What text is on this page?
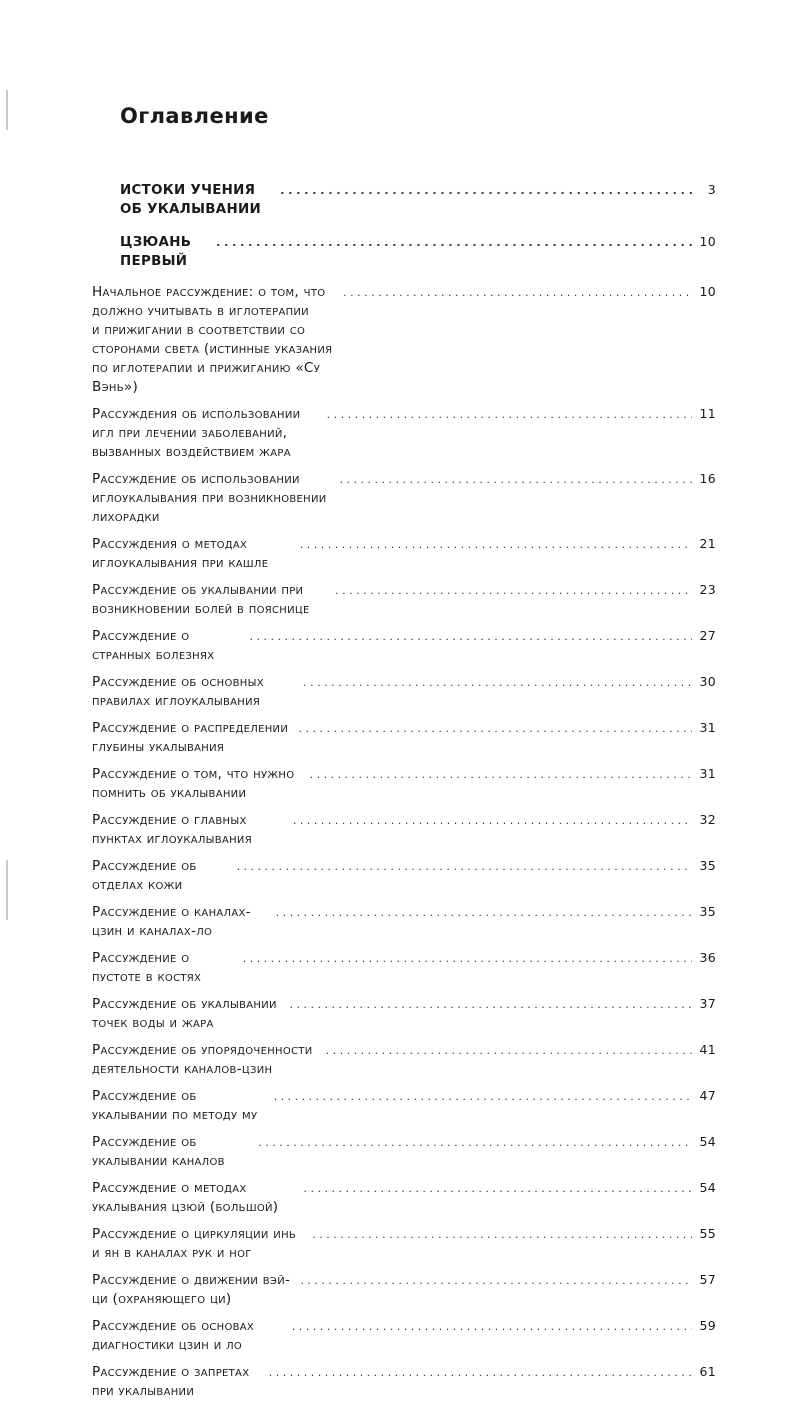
Оглавление
ИСТОКИ УЧЕНИЯ ОБ УКАЛЫВАНИИ
. . .
3
ЦЗЮАНЬ ПЕРВЫЙ
. . .
10
Начальное рассуждение: о том, что должно учитывать в иглотерапии
и прижигании в соответствии со сторонами света (истинные указания
по иглотерапии и прижиганию «Су Вэнь»)
. . .
10
Рассуждения об использовании игл при лечении заболеваний,
вызванных воздействием жара
. . .
11
Рассуждение об использовании иглоукалывания при возникновении
лихорадки
. . .
16
Рассуждения о методах иглоукалывания при кашле
. . .
21
Рассуждение об укалывании при возникновении болей в пояснице
. . .
23
Рассуждение о странных болезнях
. . .
27
Рассуждение об основных правилах иглоукалывания
. . .
30
Рассуждение о распределении глубины укалывания
. . .
31
Рассуждение о том, что нужно помнить об укалывании
. . .
31
Рассуждение о главных пунктах иглоукалывания
. . .
32
Рассуждение об отделах кожи
. . .
35
Рассуждение о каналах-цзин и каналах-ло
. . .
35
Рассуждение о пустоте в костях
. . .
36
Рассуждение об укалывании точек воды и жара
. . .
37
Рассуждение об упорядоченности деятельности каналов-цзин
. . .
41
Рассуждение об укалывании по методу му
. . .
47
Рассуждение об укалывании каналов
. . .
54
Рассуждение о методах укалывания цзюй (большой)
. . .
54
Рассуждение о циркуляции инь и ян в каналах рук и ног
. . .
55
Рассуждение о движении вэй-ци (охраняющего ци)
. . .
57
Рассуждение об основах диагностики цзин и ло
. . .
59
Рассуждение о запретах при укалывании
. . .
61
